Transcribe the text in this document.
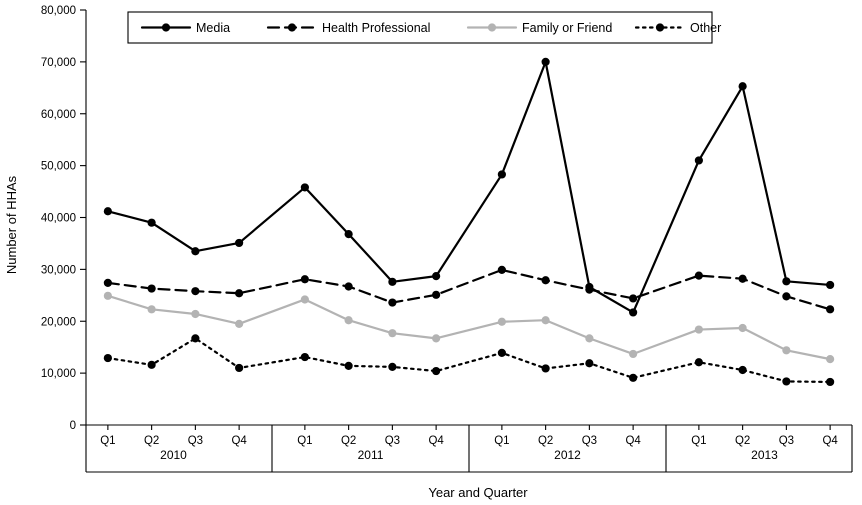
0
10,000
20,000
30,000
40,000
50,000
60,000
70,000
80,000
Q1 Q2 Q3 Q4	Q1 Q2 Q3 Q4	Q1 Q2 Q3 Q4	Q1 Q2 Q3 Q4
2010	2011	2012	2013
Media	Health Professional	Family or Friend	Other
Number of HHAs
Year and Quarter
